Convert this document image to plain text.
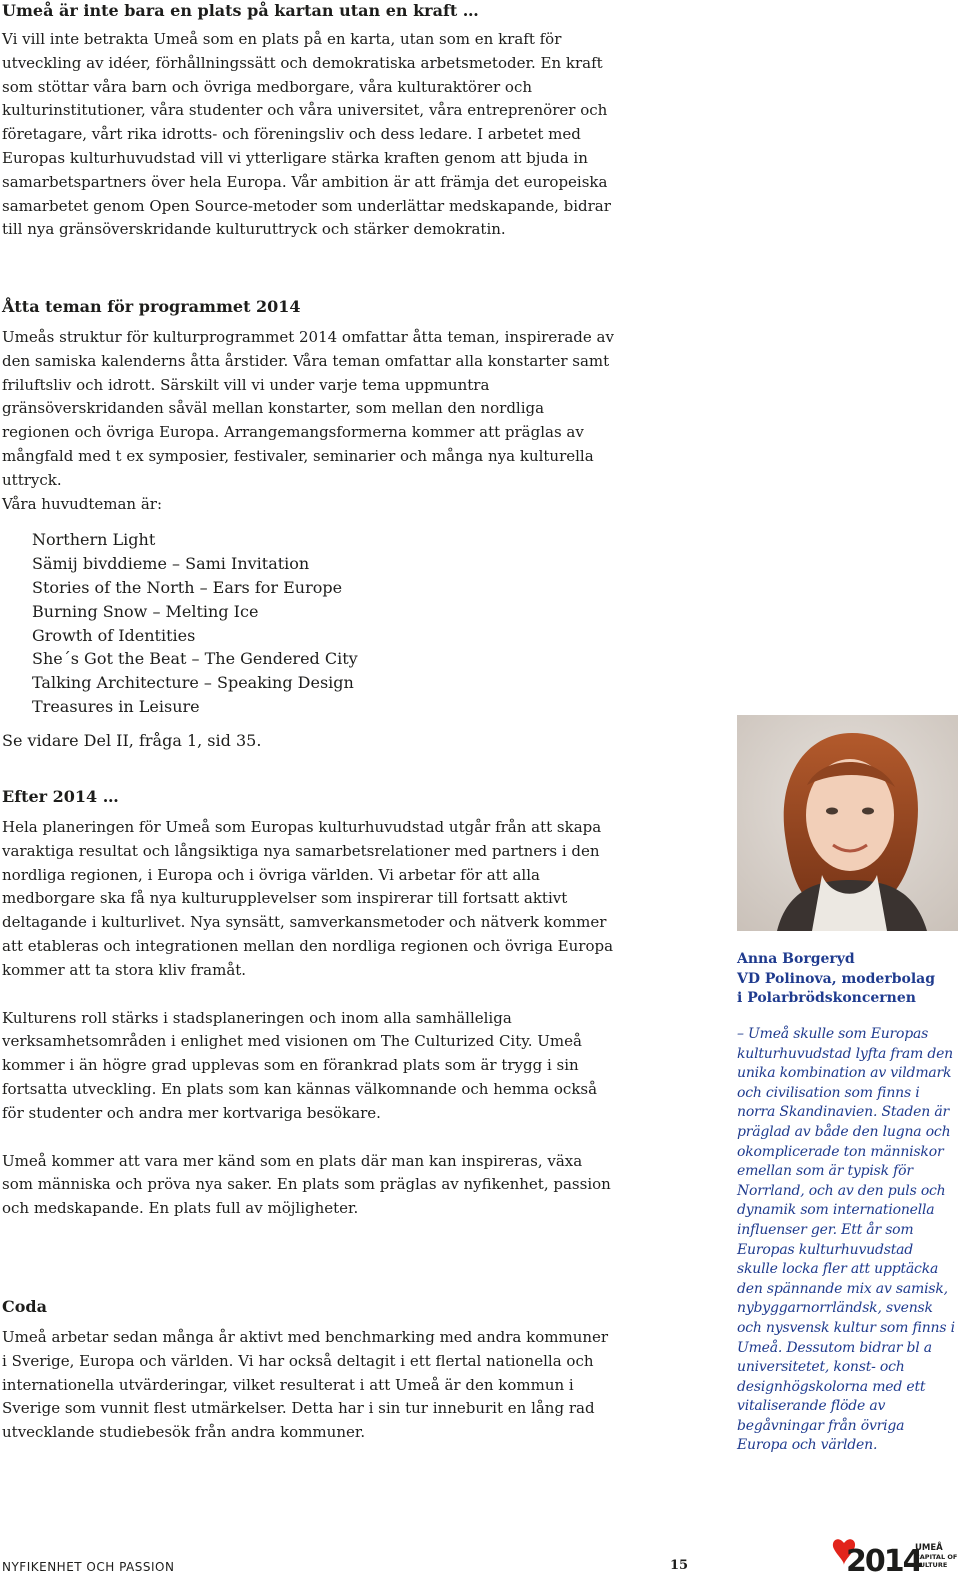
Umeå är inte bara en plats på kartan utan en kraft …

Vi vill inte betrakta Umeå som en plats på en karta, utan som en kraft för utveckling av idéer, förhållningssätt och demokratiska arbetsmetoder. En kraft som stöttar våra barn och övriga medborgare, våra kulturaktörer och kulturinstitutioner, våra studenter och våra universitet, våra entreprenörer och företagare, vårt rika idrotts- och föreningsliv och dess ledare. I arbetet med Europas kulturhuvudstad vill vi ytterligare stärka kraften genom att bjuda in samarbetspartners över hela Europa. Vår ambition är att främja det europeiska samarbetet genom Open Source-metoder som underlättar medskapande, bidrar till nya gränsöverskridande kulturuttryck och stärker demokratin.

Åtta teman för programmet 2014

Umeås struktur för kulturprogrammet 2014 omfattar åtta teman, inspirerade av den samiska kalenderns åtta årstider. Våra teman omfattar alla konstarter samt friluftsliv och idrott. Särskilt vill vi under varje tema uppmuntra gränsöverskridanden såväl mellan konstarter, som mellan den nordliga regionen och övriga Europa. Arrangemangsformerna kommer att präglas av mångfald med t ex symposier, festivaler, seminarier och många nya kulturella uttryck.

Våra huvudteman är:

Northern Light
Sämij bivddieme – Sami Invitation
Stories of the North – Ears for Europe
Burning Snow – Melting Ice
Growth of Identities
She´s Got the Beat – The Gendered City
Talking Architecture – Speaking Design
Treasures in Leisure

Se vidare Del II, fråga 1, sid 35.

Efter 2014 …

Hela planeringen för Umeå som Europas kulturhuvudstad utgår från att skapa varaktiga resultat och långsiktiga nya samarbetsrelationer med partners i den nordliga regionen, i Europa och i övriga världen. Vi arbetar för att alla medborgare ska få nya kulturupplevelser som inspirerar till fortsatt aktivt deltagande i kulturlivet. Nya synsätt, samverkansmetoder och nätverk kommer att etableras och integrationen mellan den nordliga regionen och övriga Europa kommer att ta stora kliv framåt.

Kulturens roll stärks i stadsplaneringen och inom alla samhälleliga verksamhetsområden i enlighet med visionen om The Culturized City. Umeå kommer i än högre grad upplevas som en förankrad plats som är trygg i sin fortsatta utveckling. En plats som kan kännas välkomnande och hemma också för studenter och andra mer kortvariga besökare.

Umeå kommer att vara mer känd som en plats där man kan inspireras, växa som människa och pröva nya saker. En plats som präglas av nyfikenhet, passion och medskapande. En plats full av möjligheter.

Coda

Umeå arbetar sedan många år aktivt med benchmarking med andra kommuner i Sverige, Europa och världen. Vi har också deltagit i ett flertal nationella och internationella utvärderingar, vilket resulterat i att Umeå är den kommun i Sverige som vunnit flest utmärkelser. Detta har i sin tur inneburit en lång rad utvecklande studiebesök från andra kommuner.

Anna Borgeryd
VD Polinova, moderbolag
i Polarbrödskoncernen
– Umeå skulle som Europas kulturhuvudstad lyfta fram den unika kombination av vildmark och civilisation som finns i norra Skandinavien. Staden är präglad av både den lugna och okomplicerade ton människor emellan som är typisk för Norrland, och av den puls och dynamik som internationella influenser ger. Ett år som Europas kulturhuvudstad skulle locka fler att upptäcka den spännande mix av samisk, nybyggarnorrländsk, svensk och nysvensk kultur som finns i Umeå. Dessutom bidrar bl a universitetet, konst- och designhögskolorna med ett vitaliserande flöde av begåvningar från övriga Europa och världen.
NYFIKENHET OCH PASSION	15	2014
UMEÅ
CAPITAL OF
CULTURE
